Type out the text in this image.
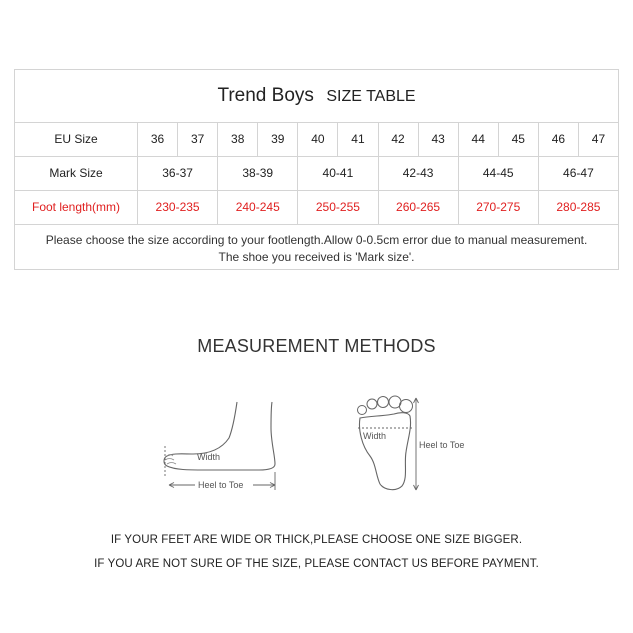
Trend Boys SIZE TABLE
EU Size	36	37	38	39	40	41	42	43	44	45	46	47
Mark Size	36-37	38-39	40-41	42-43	44-45	46-47
Foot length(mm)	230-235	240-245	250-255	260-265	270-275	280-285
Please choose the size according to your footlength.Allow 0-0.5cm error due to manual measurement.
The shoe you received is 'Mark size'.
MEASUREMENT METHODS
Width
Heel to Toe
Width
Heel to Toe
IF YOUR FEET ARE WIDE OR THICK,PLEASE CHOOSE ONE SIZE BIGGER.
IF YOU ARE NOT SURE OF THE SIZE, PLEASE CONTACT US BEFORE PAYMENT.
